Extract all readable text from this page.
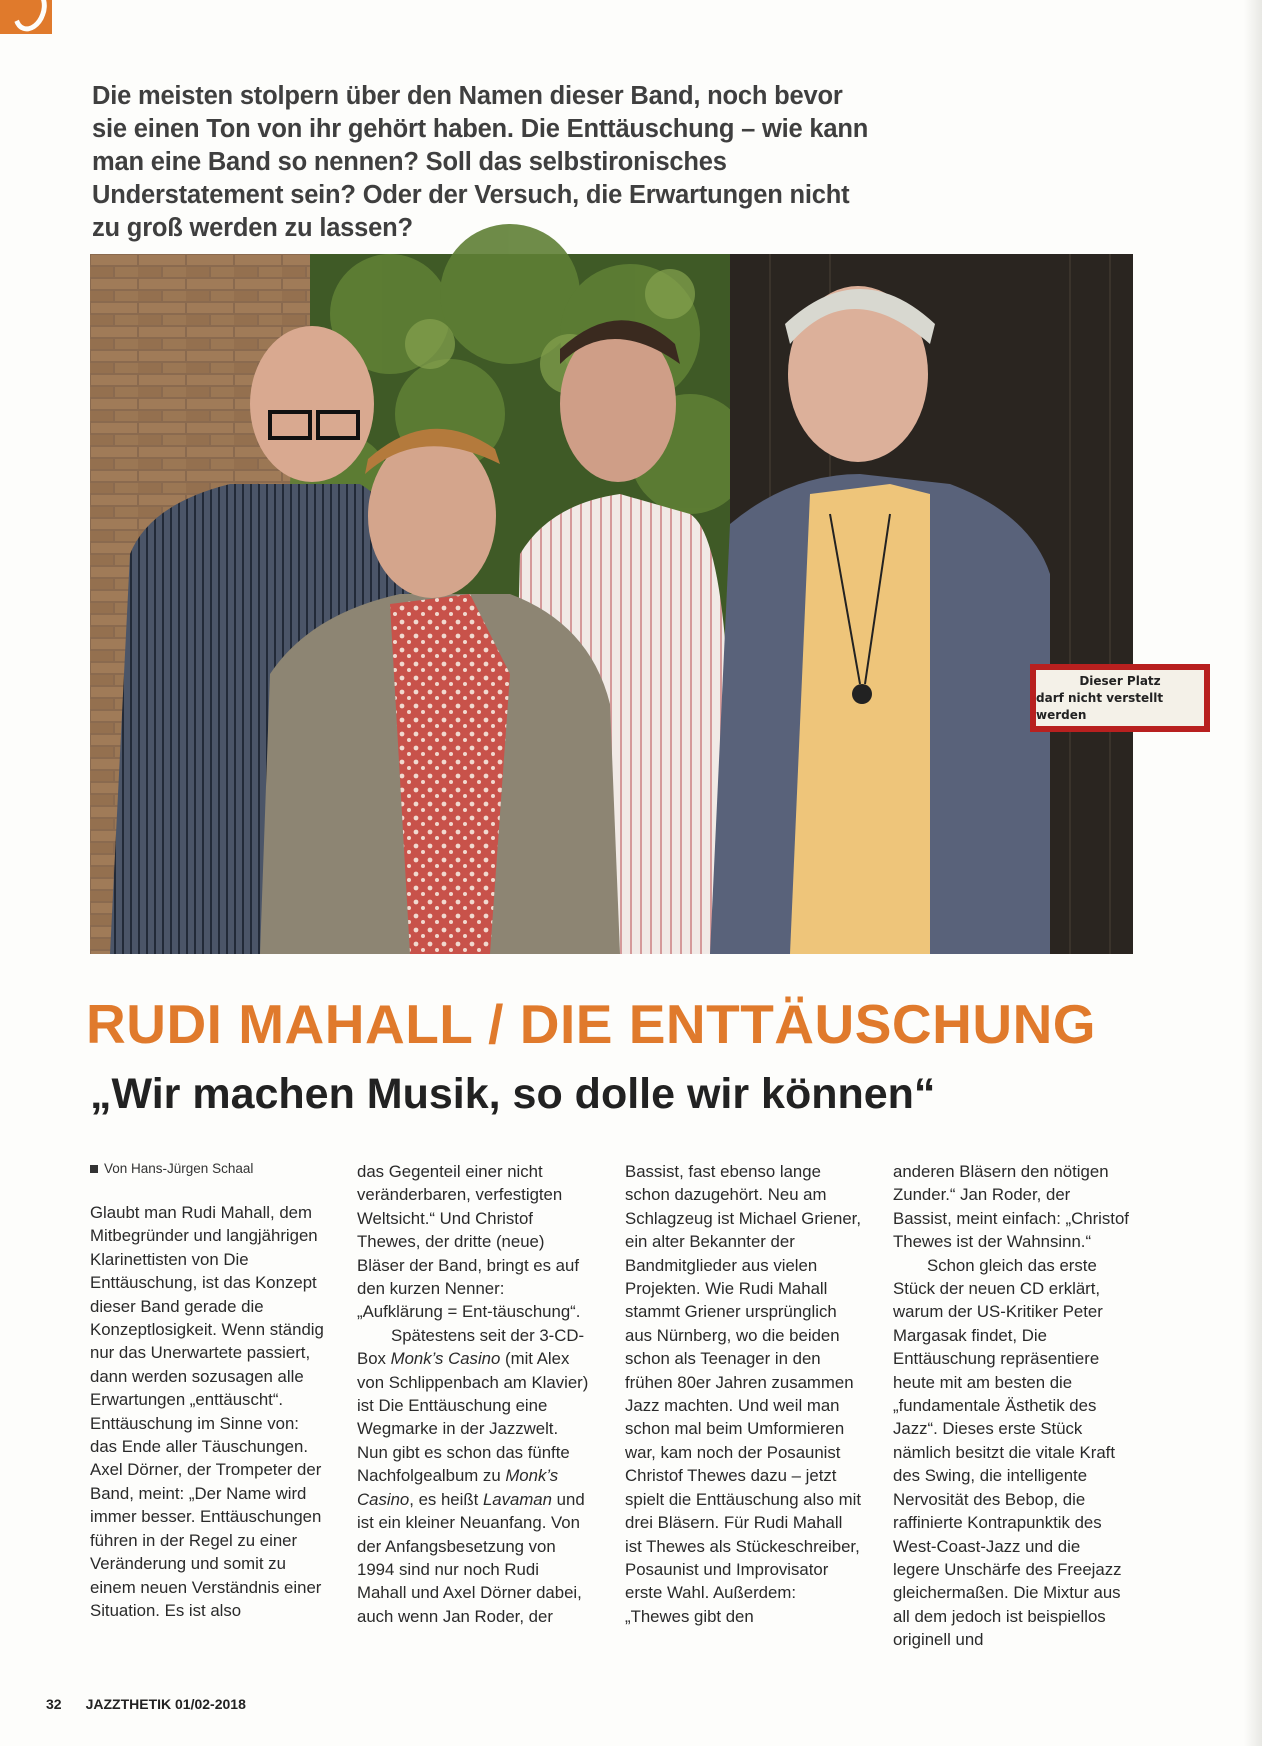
Die meisten stolpern über den Namen dieser Band, noch bevor sie einen Ton von ihr gehört haben. Die Enttäuschung – wie kann man eine Band so nennen? Soll das selbstironisches Understatement sein? Oder der Versuch, die Erwartungen nicht zu groß werden zu lassen?

Dieser Platz
darf nicht verstellt werden
RUDI MAHALL / DIE ENTTÄUSCHUNG
„Wir machen Musik, so dolle wir können“

Von Hans-Jürgen Schaal

Glaubt man Rudi Mahall, dem Mitbegründer und langjährigen Klarinettisten von Die Enttäuschung, ist das Konzept dieser Band gerade die Konzeptlosigkeit. Wenn ständig nur das Unerwartete passiert, dann werden sozusagen alle Erwartungen „enttäuscht“. Enttäuschung im Sinne von: das Ende aller Täuschungen. Axel Dörner, der Trompeter der Band, meint: „Der Name wird immer besser. Enttäuschungen führen in der Regel zu einer Veränderung und somit zu einem neuen Verständnis einer Situation. Es ist also

das Gegenteil einer nicht veränderbaren, verfestigten Weltsicht.“ Und Christof Thewes, der dritte (neue) Bläser der Band, bringt es auf den kurzen Nenner: „Aufklärung = Ent-täuschung“.

Spätestens seit der 3-CD-Box Monk’s Casino (mit Alex von Schlippenbach am Klavier) ist Die Enttäuschung eine Wegmarke in der Jazzwelt. Nun gibt es schon das fünfte Nachfolgealbum zu Monk’s Casino, es heißt Lavaman und ist ein kleiner Neuanfang. Von der Anfangsbesetzung von 1994 sind nur noch Rudi Mahall und Axel Dörner dabei, auch wenn Jan Roder, der

Bassist, fast ebenso lange schon dazugehört. Neu am Schlagzeug ist Michael Griener, ein alter Bekannter der Bandmitglieder aus vielen Projekten. Wie Rudi Mahall stammt Griener ursprünglich aus Nürnberg, wo die beiden schon als Teenager in den frühen 80er Jahren zusammen Jazz machten. Und weil man schon mal beim Umformieren war, kam noch der Posaunist Christof Thewes dazu – jetzt spielt die Enttäuschung also mit drei Bläsern. Für Rudi Mahall ist Thewes als Stückeschreiber, Posaunist und Improvisator erste Wahl. Außerdem: „Thewes gibt den

anderen Bläsern den nötigen Zunder.“ Jan Roder, der Bassist, meint einfach: „Christof Thewes ist der Wahnsinn.“

Schon gleich das erste Stück der neuen CD erklärt, warum der US-Kritiker Peter Margasak findet, Die Enttäuschung repräsentiere heute mit am besten die „fundamentale Ästhetik des Jazz“. Dieses erste Stück nämlich besitzt die vitale Kraft des Swing, die intelligente Nervosität des Bebop, die raffinierte Kontrapunktik des West-Coast-Jazz und die legere Unschärfe des Freejazz gleichermaßen. Die Mixtur aus all dem jedoch ist beispiellos originell und

32 JAZZTHETIK 01/02-2018
